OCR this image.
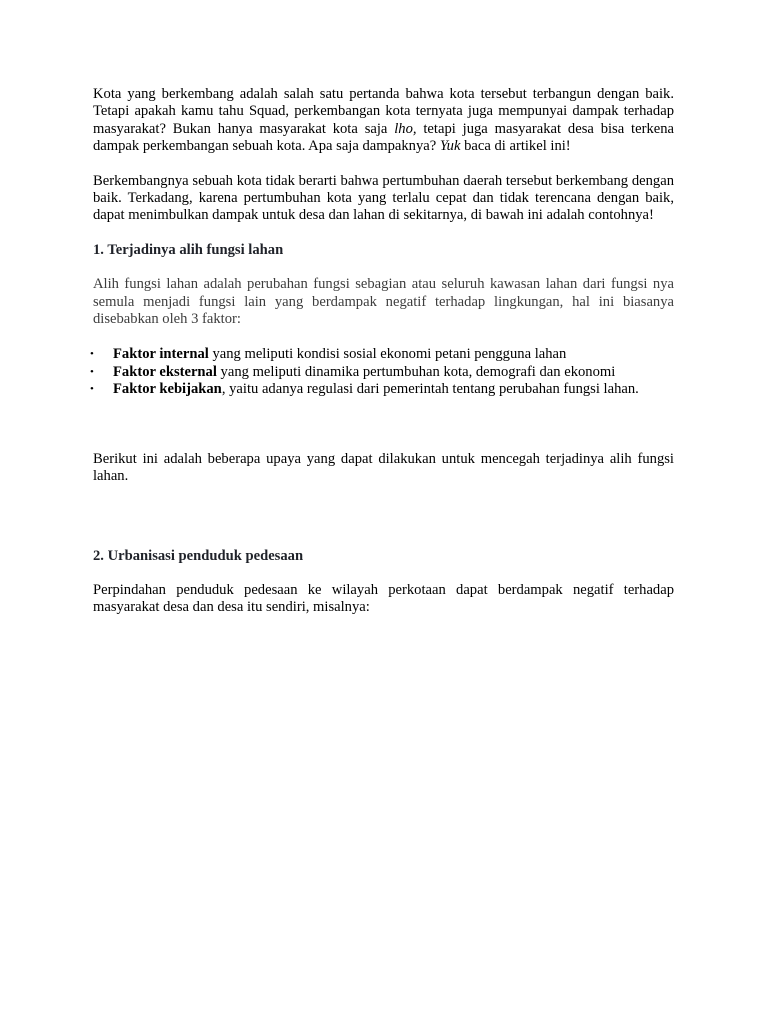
Kota yang berkembang adalah salah satu pertanda bahwa kota tersebut terbangun dengan baik. Tetapi apakah kamu tahu Squad, perkembangan kota ternyata juga mempunyai dampak terhadap masyarakat? Bukan hanya masyarakat kota saja lho, tetapi juga masyarakat desa bisa terkena dampak perkembangan sebuah kota. Apa saja dampaknya? Yuk baca di artikel ini!

Berkembangnya sebuah kota tidak berarti bahwa pertumbuhan daerah tersebut berkembang dengan baik. Terkadang, karena pertumbuhan kota yang terlalu cepat dan tidak terencana dengan baik, dapat menimbulkan dampak untuk desa dan lahan di sekitarnya, di bawah ini adalah contohnya!

1. Terjadinya alih fungsi lahan

Alih fungsi lahan adalah perubahan fungsi sebagian atau seluruh kawasan lahan dari fungsi nya semula menjadi fungsi lain yang berdampak negatif terhadap lingkungan, hal ini biasanya disebabkan oleh 3 faktor:

• Faktor internal yang meliputi kondisi sosial ekonomi petani pengguna lahan
• Faktor eksternal yang meliputi dinamika pertumbuhan kota, demografi dan ekonomi
• Faktor kebijakan, yaitu adanya regulasi dari pemerintah tentang perubahan fungsi lahan.

Berikut ini adalah beberapa upaya yang dapat dilakukan untuk mencegah terjadinya alih fungsi lahan.

2. Urbanisasi penduduk pedesaan

Perpindahan penduduk pedesaan ke wilayah perkotaan dapat berdampak negatif terhadap masyarakat desa dan desa itu sendiri, misalnya:
